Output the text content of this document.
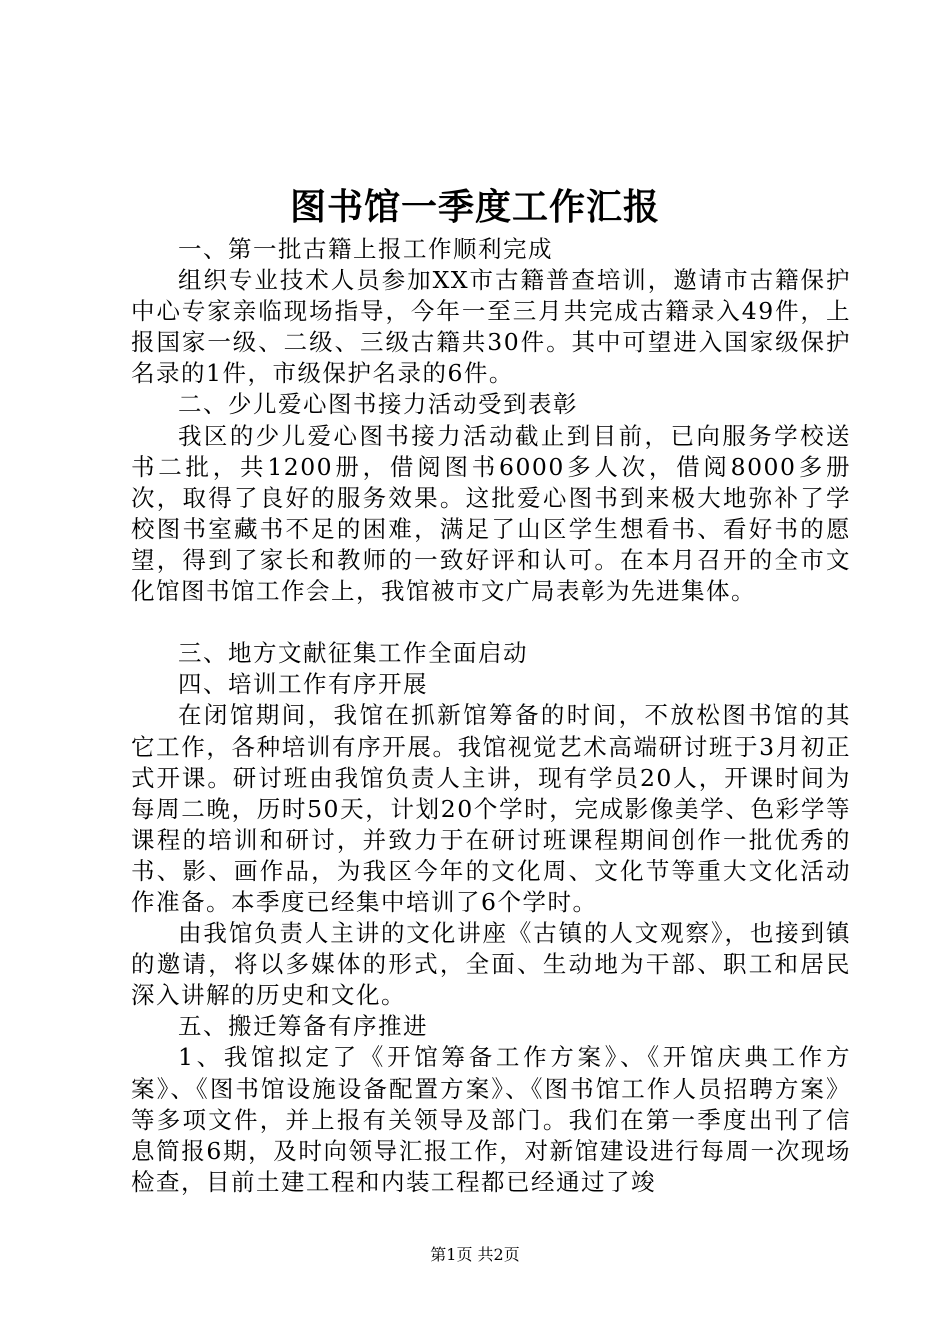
图书馆一季度工作汇报

一、第一批古籍上报工作顺利完成

组织专业技术人员参加XX市古籍普查培训，邀请市古籍保护中心专家亲临现场指导，今年一至三月共完成古籍录入49件，上报国家一级、二级、三级古籍共30件。其中可望进入国家级保护名录的1件，市级保护名录的6件。

二、少儿爱心图书接力活动受到表彰

我区的少儿爱心图书接力活动截止到目前，已向服务学校送书二批，共1200册，借阅图书6000多人次，借阅8000多册次，取得了良好的服务效果。这批爱心图书到来极大地弥补了学校图书室藏书不足的困难，满足了山区学生想看书、看好书的愿望，得到了家长和教师的一致好评和认可。在本月召开的全市文化馆图书馆工作会上，我馆被市文广局表彰为先进集体。

三、地方文献征集工作全面启动

四、培训工作有序开展

在闭馆期间，我馆在抓新馆筹备的时间，不放松图书馆的其它工作，各种培训有序开展。我馆视觉艺术高端研讨班于3月初正式开课。研讨班由我馆负责人主讲，现有学员20人，开课时间为每周二晚，历时50天，计划20个学时，完成影像美学、色彩学等课程的培训和研讨，并致力于在研讨班课程期间创作一批优秀的书、影、画作品，为我区今年的文化周、文化节等重大文化活动作准备。本季度已经集中培训了6个学时。

由我馆负责人主讲的文化讲座《古镇的人文观察》，也接到镇的邀请，将以多媒体的形式，全面、生动地为干部、职工和居民深入讲解的历史和文化。

五、搬迁筹备有序推进

1、我馆拟定了《开馆筹备工作方案》、《开馆庆典工作方案》、《图书馆设施设备配置方案》、《图书馆工作人员招聘方案》等多项文件，并上报有关领导及部门。我们在第一季度出刊了信息简报6期，及时向领导汇报工作，对新馆建设进行每周一次现场检查，目前土建工程和内装工程都已经通过了竣

第1页 共2页
